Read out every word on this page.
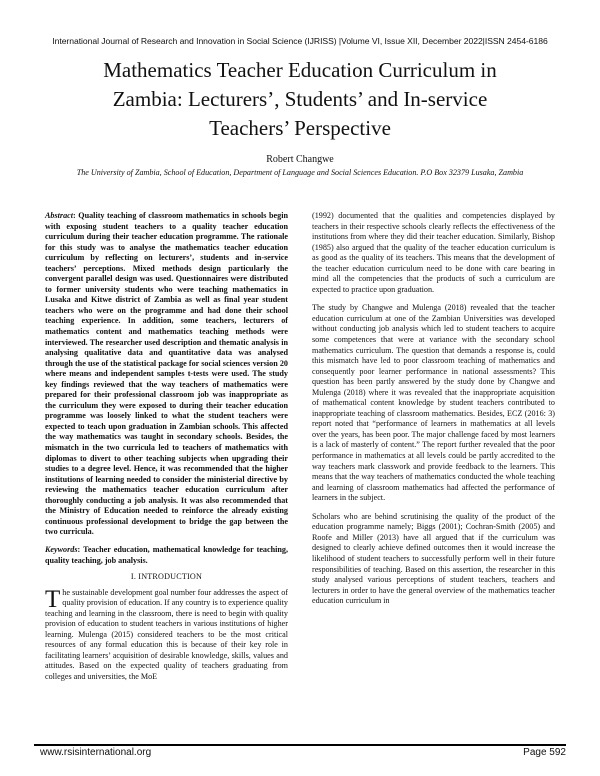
International Journal of Research and Innovation in Social Science (IJRISS) |Volume VI, Issue XII, December 2022|ISSN 2454-6186
Mathematics Teacher Education Curriculum in
Zambia: Lecturers’, Students’ and In-service
Teachers’ Perspective
Robert Changwe
The University of Zambia, School of Education, Department of Language and Social Sciences Education. P.O Box 32379 Lusaka, Zambia

Abstract: Quality teaching of classroom mathematics in schools begin with exposing student teachers to a quality teacher education curriculum during their teacher education programme. The rationale for this study was to analyse the mathematics teacher education curriculum by reflecting on lecturers’, students and in-service teachers’ perceptions. Mixed methods design particularly the convergent parallel design was used. Questionnaires were distributed to former university students who were teaching mathematics in Lusaka and Kitwe district of Zambia as well as final year student teachers who were on the programme and had done their school teaching experience. In addition, some teachers, lecturers of mathematics content and mathematics teaching methods were interviewed. The researcher used description and thematic analysis in analysing qualitative data and quantitative data was analysed through the use of the statistical package for social sciences version 20 where means and independent samples t-tests were used. The study key findings reviewed that the way teachers of mathematics were prepared for their professional classroom job was inappropriate as the curriculum they were exposed to during their teacher education programme was loosely linked to what the student teachers were expected to teach upon graduation in Zambian schools. This affected the way mathematics was taught in secondary schools. Besides, the mismatch in the two curricula led to teachers of mathematics with diplomas to divert to other teaching subjects when upgrading their studies to a degree level. Hence, it was recommended that the higher institutions of learning needed to consider the ministerial directive by reviewing the mathematics teacher education curriculum after thoroughly conducting a job analysis. It was also recommended that the Ministry of Education needed to reinforce the already existing continuous professional development to bridge the gap between the two curricula.

Keywords: Teacher education, mathematical knowledge for teaching, quality teaching, job analysis.

I. INTRODUCTION

The sustainable development goal number four addresses the aspect of quality provision of education. If any country is to experience quality teaching and learning in the classroom, there is need to begin with quality provision of education to student teachers in various institutions of higher learning. Mulenga (2015) considered teachers to be the most critical resources of any formal education this is because of their key role in facilitating learners’ acquisition of desirable knowledge, skills, values and attitudes. Based on the expected quality of teachers graduating from colleges and universities, the MoE

(1992) documented that the qualities and competencies displayed by teachers in their respective schools clearly reflects the effectiveness of the institutions from where they did their teacher education. Similarly, Bishop (1985) also argued that the quality of the teacher education curriculum is as good as the quality of its teachers. This means that the development of the teacher education curriculum need to be done with care bearing in mind all the competencies that the products of such a curriculum are expected to practice upon graduation.

The study by Changwe and Mulenga (2018) revealed that the teacher education curriculum at one of the Zambian Universities was developed without conducting job analysis which led to student teachers to acquire some competences that were at variance with the secondary school mathematics curriculum. The question that demands a response is, could this mismatch have led to poor classroom teaching of mathematics and consequently poor learner performance in national assessments? This question has been partly answered by the study done by Changwe and Mulenga (2018) where it was revealed that the inappropriate acquisition of mathematical content knowledge by student teachers contributed to inappropriate teaching of classroom mathematics. Besides, ECZ (2016: 3) report noted that “performance of learners in mathematics at all levels over the years, has been poor. The major challenge faced by most learners is a lack of masterly of content.” The report further revealed that the poor performance in mathematics at all levels could be partly accredited to the way teachers mark classwork and provide feedback to the learners. This means that the way teachers of mathematics conducted the whole teaching and learning of classroom mathematics had affected the performance of learners in the subject.

Scholars who are behind scrutinising the quality of the product of the education programme namely; Biggs (2001); Cochran-Smith (2005) and Roofe and Miller (2013) have all argued that if the curriculum was designed to clearly achieve defined outcomes then it would increase the likelihood of student teachers to successfully perform well in their future responsibilities of teaching. Based on this assertion, the researcher in this study analysed various perceptions of student teachers, teachers and lecturers in order to have the general overview of the mathematics teacher education curriculum in

www.rsisinternational.org	Page 592
